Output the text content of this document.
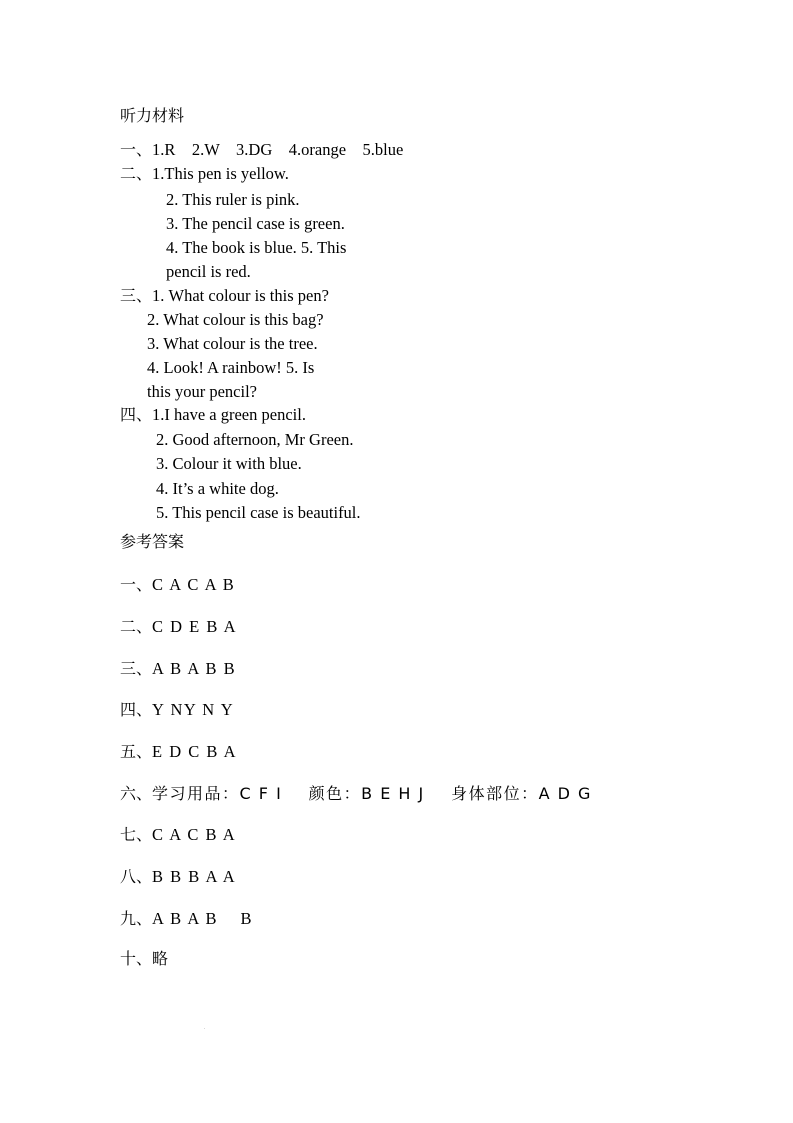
听力材料
一、1.R    2.W    3.DG    4.orange    5.blue
二、1.This pen is yellow.
2. This ruler is pink.
3. The pencil case is green.
4. The book is blue. 5. This
pencil is red.
三、1. What colour is this pen?
2. What colour is this bag?
3. What colour is the tree.
4. Look! A rainbow! 5. Is
this your pencil?
四、1.I have a green pencil.
2. Good afternoon, Mr Green.
3. Colour it with blue.
4. It’s a white dog.
5. This pencil case is beautiful.
参考答案
一、C A C A B
二、C D E B A
三、A B A B B
四、Y NY N Y
五、E D C B A
六、学习用品：C F I    颜色：B E H J    身体部位：A D G
七、C A C B A
八、B B B A A
九、A B A B    B
十、略
